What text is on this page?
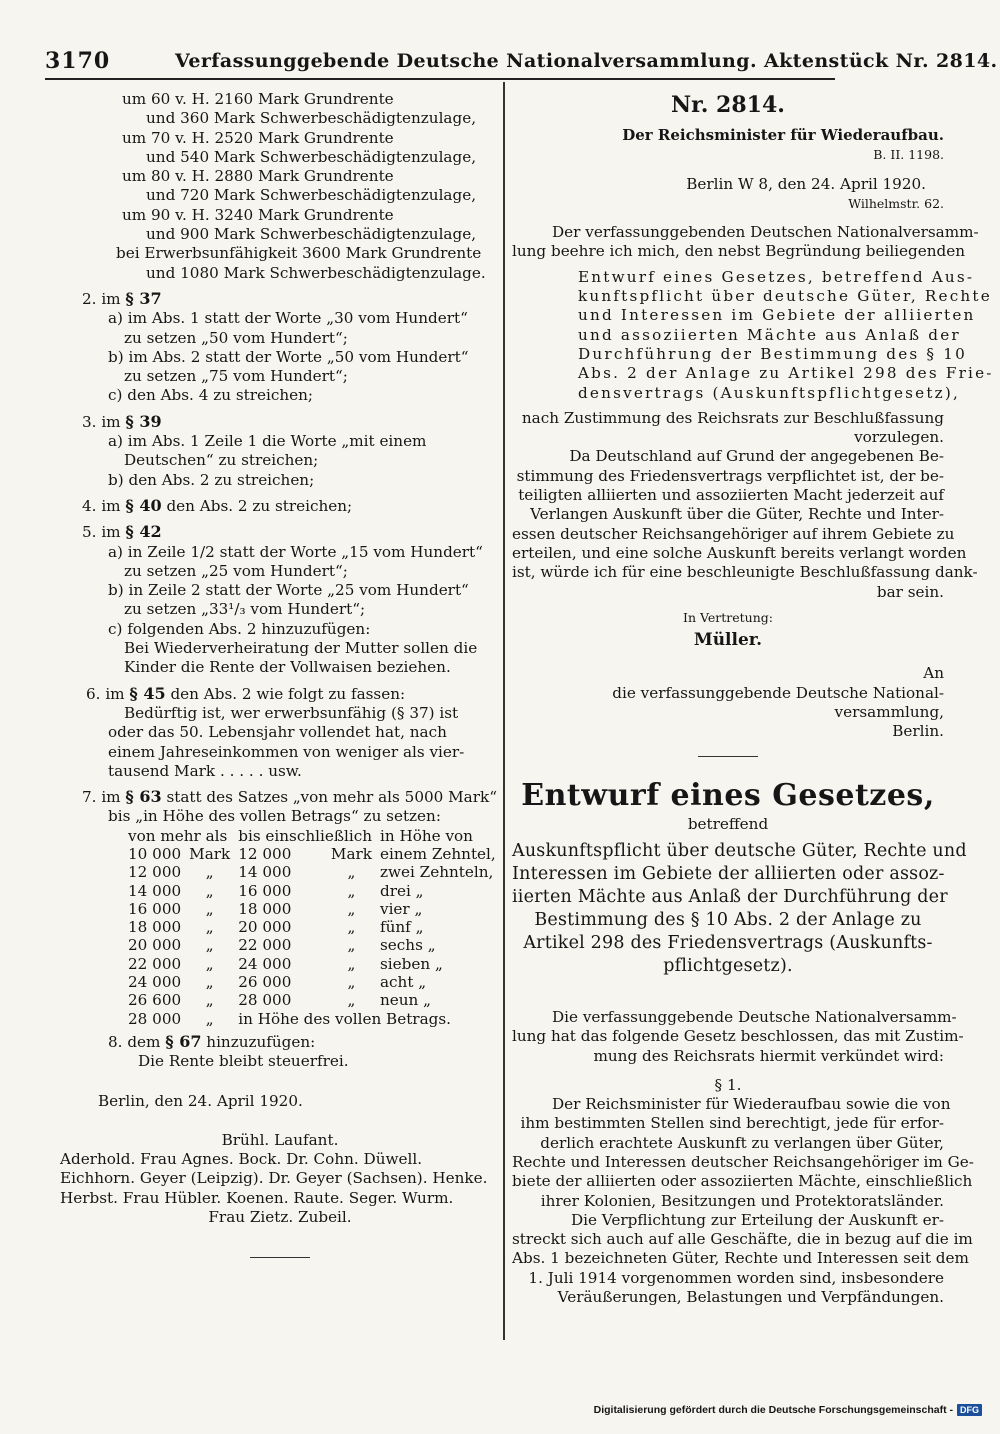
3170	Verfassunggebende Deutsche Nationalversammlung. Aktenstück Nr. 2814.
um 60 v. H. 2160 Mark Grundrente
und 360 Mark Schwerbeschädigtenzulage,
um 70 v. H. 2520 Mark Grundrente
und 540 Mark Schwerbeschädigtenzulage,
um 80 v. H. 2880 Mark Grundrente
und 720 Mark Schwerbeschädigtenzulage,
um 90 v. H. 3240 Mark Grundrente
und 900 Mark Schwerbeschädigtenzulage,
bei Erwerbsunfähigkeit 3600 Mark Grundrente
und 1080 Mark Schwerbeschädigtenzulage.
2. im § 37
a) im Abs. 1 statt der Worte „30 vom Hundert“
zu setzen „50 vom Hundert“;
b) im Abs. 2 statt der Worte „50 vom Hundert“
zu setzen „75 vom Hundert“;
c) den Abs. 4 zu streichen;
3. im § 39
a) im Abs. 1 Zeile 1 die Worte „mit einem
Deutschen“ zu streichen;
b) den Abs. 2 zu streichen;
4. im § 40 den Abs. 2 zu streichen;
5. im § 42
a) in Zeile 1/2 statt der Worte „15 vom Hundert“
zu setzen „25 vom Hundert“;
b) in Zeile 2 statt der Worte „25 vom Hundert“
zu setzen „33¹/₃ vom Hundert“;
c) folgenden Abs. 2 hinzuzufügen:
Bei Wiederverheiratung der Mutter sollen die
Kinder die Rente der Vollwaisen beziehen.
6. im § 45 den Abs. 2 wie folgt zu fassen:
Bedürftig ist, wer erwerbsunfähig (§ 37) ist
oder das 50. Lebensjahr vollendet hat, nach
einem Jahreseinkommen von weniger als vier-
tausend Mark . . . . . usw.
7. im § 63 statt des Satzes „von mehr als 5000 Mark“
bis „in Höhe des vollen Betrags“ zu setzen:
von mehr als		bis einschließlich		in Höhe von
10 000	Mark	12 000	Mark	einem Zehntel,
12 000	„	14 000	„	zwei Zehnteln,
14 000	„	16 000	„	drei „
16 000	„	18 000	„	vier „
18 000	„	20 000	„	fünf „
20 000	„	22 000	„	sechs „
22 000	„	24 000	„	sieben „
24 000	„	26 000	„	acht „
26 600	„	28 000	„	neun „
28 000	„	in Höhe des vollen Betrags.		
8. dem § 67 hinzuzufügen:
Die Rente bleibt steuerfrei.
Berlin, den 24. April 1920.
Brühl. Laufant.
Aderhold. Frau Agnes. Bock. Dr. Cohn. Düwell.
Eichhorn. Geyer (Leipzig). Dr. Geyer (Sachsen). Henke.
Herbst. Frau Hübler. Koenen. Raute. Seger. Wurm.
Frau Zietz. Zubeil.
Nr. 2814.
Der Reichsminister für Wiederaufbau.
B. II. 1198.
Berlin W 8, den 24. April 1920.
Wilhelmstr. 62.
Der verfassunggebenden Deutschen Nationalversamm-
lung beehre ich mich, den nebst Begründung beiliegenden
Entwurf eines Gesetzes, betreffend Aus-
kunftspflicht über deutsche Güter, Rechte
und Interessen im Gebiete der alliierten
und assoziierten Mächte aus Anlaß der
Durchführung der Bestimmung des § 10
Abs. 2 der Anlage zu Artikel 298 des Frie-
densvertrags (Auskunftspflichtgesetz),
nach Zustimmung des Reichsrats zur Beschlußfassung
vorzulegen.
Da Deutschland auf Grund der angegebenen Be-
stimmung des Friedensvertrags verpflichtet ist, der be-
teiligten alliierten und assoziierten Macht jederzeit auf
Verlangen Auskunft über die Güter, Rechte und Inter-
essen deutscher Reichsangehöriger auf ihrem Gebiete zu
erteilen, und eine solche Auskunft bereits verlangt worden
ist, würde ich für eine beschleunigte Beschlußfassung dank-
bar sein.
In Vertretung:
Müller.
An
die verfassunggebende Deutsche National-
versammlung,
Berlin.
Entwurf eines Gesetzes,
betreffend
Auskunftspflicht über deutsche Güter, Rechte und
Interessen im Gebiete der alliierten oder assoz-
iierten Mächte aus Anlaß der Durchführung der
Bestimmung des § 10 Abs. 2 der Anlage zu
Artikel 298 des Friedensvertrags (Auskunfts-
pflichtgesetz).
Die verfassunggebende Deutsche Nationalversamm-
lung hat das folgende Gesetz beschlossen, das mit Zustim-
mung des Reichsrats hiermit verkündet wird:
§ 1.
Der Reichsminister für Wiederaufbau sowie die von
ihm bestimmten Stellen sind berechtigt, jede für erfor-
derlich erachtete Auskunft zu verlangen über Güter,
Rechte und Interessen deutscher Reichsangehöriger im Ge-
biete der alliierten oder assoziierten Mächte, einschließlich
ihrer Kolonien, Besitzungen und Protektoratsländer.
Die Verpflichtung zur Erteilung der Auskunft er-
streckt sich auch auf alle Geschäfte, die in bezug auf die im
Abs. 1 bezeichneten Güter, Rechte und Interessen seit dem
1. Juli 1914 vorgenommen worden sind, insbesondere
Veräußerungen, Belastungen und Verpfändungen.
Digitalisierung gefördert durch die Deutsche Forschungsgemeinschaft - DFG
